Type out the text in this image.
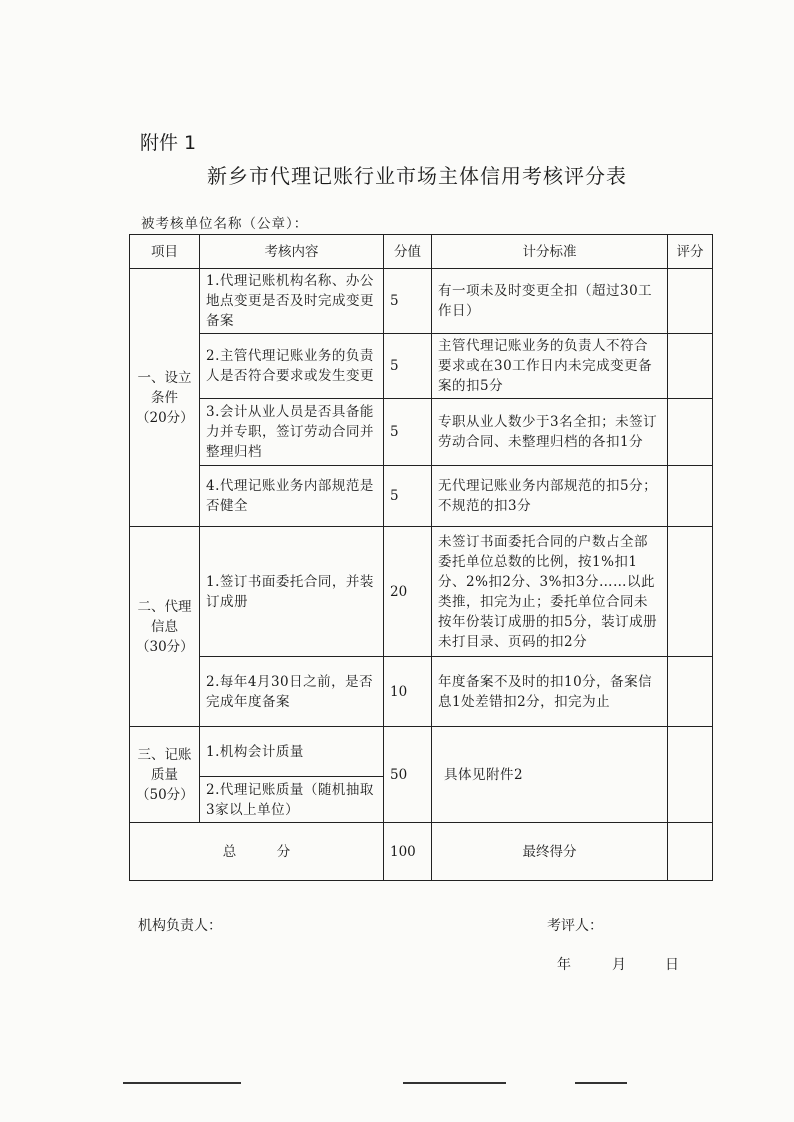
附件 1
新乡市代理记账行业市场主体信用考核评分表
被考核单位名称（公章）：
项目	考核内容	分值	计分标准	评分
一、设立条件（20分）	1.代理记账机构名称、办公地点变更是否及时完成变更备案	5	有一项未及时变更全扣（超过30工作日）	
	2.主管代理记账业务的负责人是否符合要求或发生变更	5	主管代理记账业务的负责人不符合要求或在30工作日内未完成变更备案的扣5分	
	3.会计从业人员是否具备能力并专职，签订劳动合同并整理归档	5	专职从业人数少于3名全扣；未签订劳动合同、未整理归档的各扣1分	
	4.代理记账业务内部规范是否健全	5	无代理记账业务内部规范的扣5分；不规范的扣3分	
二、代理信息（30分）	1.签订书面委托合同，并装订成册	20	未签订书面委托合同的户数占全部委托单位总数的比例，按1%扣1分、2%扣2分、3%扣3分……以此类推，扣完为止；委托单位合同未按年份装订成册的扣5分，装订成册未打目录、页码的扣2分	
	2.每年4月30日之前，是否完成年度备案	10	年度备案不及时的扣10分，备案信息1处差错扣2分，扣完为止	
三、记账质量（50分）	1.机构会计质量	50	具体见附件2	
	2.代理记账质量（随机抽取3家以上单位）			
总　　　分		100	最终得分	
机构负责人：	考评人：
年	月	日
